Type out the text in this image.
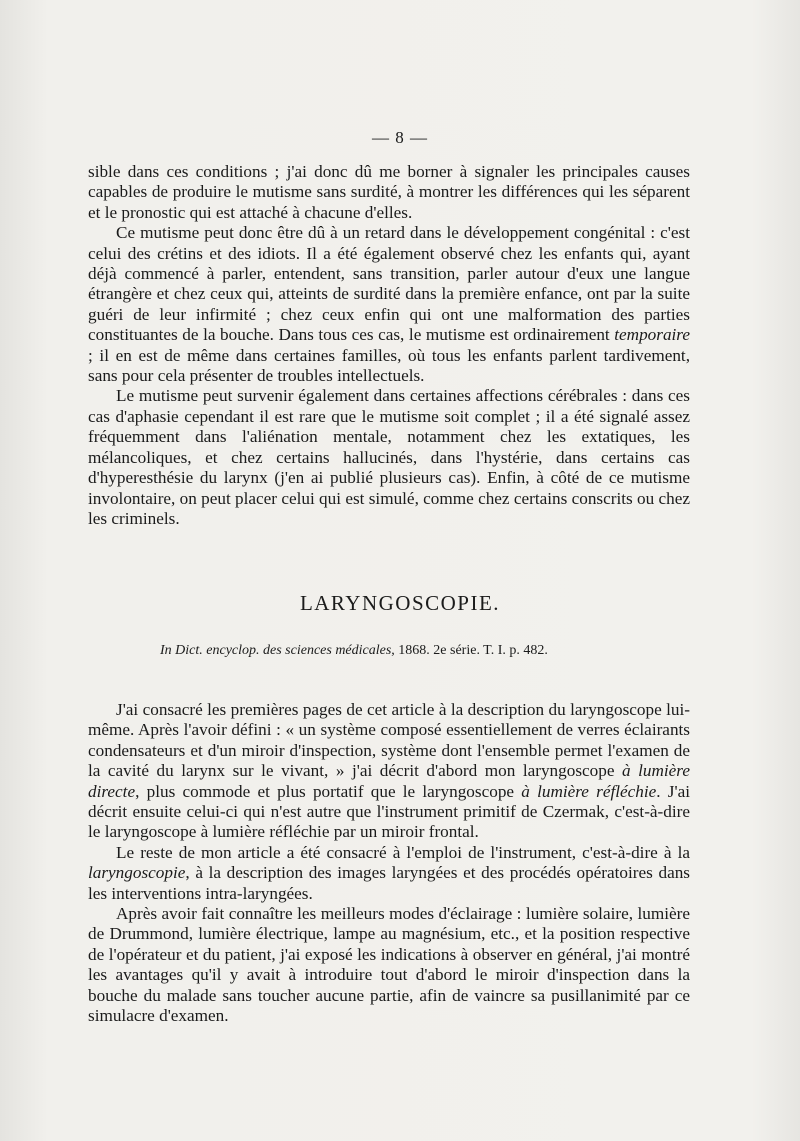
— 8 —

sible dans ces conditions ; j'ai donc dû me borner à signaler les principales causes capables de produire le mutisme sans surdité, à montrer les différences qui les séparent et le pronostic qui est attaché à chacune d'elles.

Ce mutisme peut donc être dû à un retard dans le développement congénital : c'est celui des crétins et des idiots. Il a été également observé chez les enfants qui, ayant déjà commencé à parler, entendent, sans transition, parler autour d'eux une langue étrangère et chez ceux qui, atteints de surdité dans la première enfance, ont par la suite guéri de leur infirmité ; chez ceux enfin qui ont une malformation des parties constituantes de la bouche. Dans tous ces cas, le mutisme est ordinairement temporaire ; il en est de même dans certaines familles, où tous les enfants parlent tardivement, sans pour cela présenter de troubles intellectuels.

Le mutisme peut survenir également dans certaines affections cérébrales : dans ces cas d'aphasie cependant il est rare que le mutisme soit complet ; il a été signalé assez fréquemment dans l'aliénation mentale, notamment chez les extatiques, les mélancoliques, et chez certains hallucinés, dans l'hystérie, dans certains cas d'hyperesthésie du larynx (j'en ai publié plusieurs cas). Enfin, à côté de ce mutisme involontaire, on peut placer celui qui est simulé, comme chez certains conscrits ou chez les criminels.

LARYNGOSCOPIE.
In Dict. encyclop. des sciences médicales, 1868. 2e série. T. I. p. 482.

J'ai consacré les premières pages de cet article à la description du laryngoscope lui-même. Après l'avoir défini : « un système composé essentiellement de verres éclairants condensateurs et d'un miroir d'inspection, système dont l'ensemble permet l'examen de la cavité du larynx sur le vivant, » j'ai décrit d'abord mon laryngoscope à lumière directe, plus commode et plus portatif que le laryngoscope à lumière réfléchie. J'ai décrit ensuite celui-ci qui n'est autre que l'instrument primitif de Czermak, c'est-à-dire le laryngoscope à lumière réfléchie par un miroir frontal.

Le reste de mon article a été consacré à l'emploi de l'instrument, c'est-à-dire à la laryngoscopie, à la description des images laryngées et des procédés opératoires dans les interventions intra-laryngées.

Après avoir fait connaître les meilleurs modes d'éclairage : lumière solaire, lumière de Drummond, lumière électrique, lampe au magnésium, etc., et la position respective de l'opérateur et du patient, j'ai exposé les indications à observer en général, j'ai montré les avantages qu'il y avait à introduire tout d'abord le miroir d'inspection dans la bouche du malade sans toucher aucune partie, afin de vaincre sa pusillanimité par ce simulacre d'examen.
